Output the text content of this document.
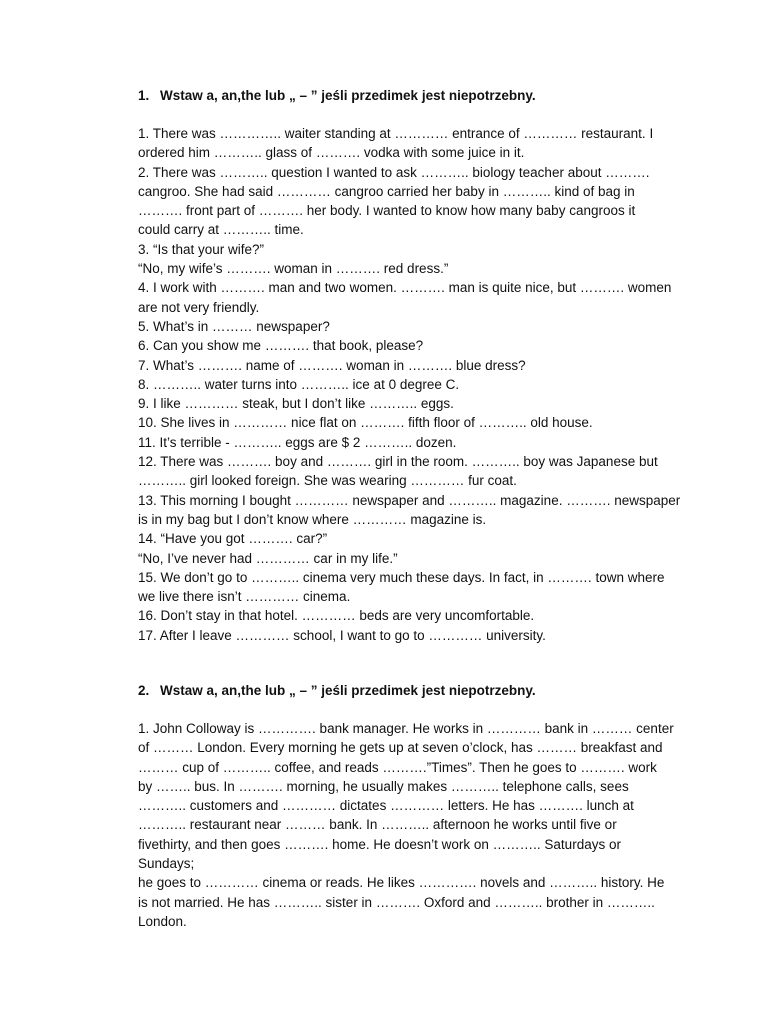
1. Wstaw a, an,the lub „ – ” jeśli przedimek jest niepotrzebny.

1. There was ………….. waiter standing at ………… entrance of ………… restaurant. I

ordered him ……….. glass of ………. vodka with some juice in it.

2. There was ……….. question I wanted to ask ……….. biology teacher about ……….

cangroo. She had said ………… cangroo carried her baby in ……….. kind of bag in

………. front part of ………. her body. I wanted to know how many baby cangroos it

could carry at ……….. time.

3. “Is that your wife?”

“No, my wife’s ………. woman in ………. red dress.”

4. I work with ………. man and two women. ………. man is quite nice, but ………. women

are not very friendly.

5. What’s in ……… newspaper?

6. Can you show me ………. that book, please?

7. What’s ………. name of ………. woman in ………. blue dress?

8. ……….. water turns into ……….. ice at 0 degree C.

9. I like ………… steak, but I don’t like ……….. eggs.

10. She lives in ………… nice flat on ………. fifth floor of ……….. old house.

11. It’s terrible - ……….. eggs are $ 2 ……….. dozen.

12. There was ………. boy and ………. girl in the room. ……….. boy was Japanese but

……….. girl looked foreign. She was wearing ………… fur coat.

13. This morning I bought ………… newspaper and ……….. magazine. ………. newspaper

is in my bag but I don’t know where ………… magazine is.

14. “Have you got ………. car?”

“No, I’ve never had ………… car in my life.”

15. We don’t go to ……….. cinema very much these days. In fact, in ………. town where

we live there isn’t ………… cinema.

16. Don’t stay in that hotel. ………… beds are very uncomfortable.

17. After I leave ………… school, I want to go to ………… university.

2. Wstaw a, an,the lub „ – ” jeśli przedimek jest niepotrzebny.

1. John Colloway is …………. bank manager. He works in ………… bank in ……… center

of ……… London. Every morning he gets up at seven o’clock, has ……… breakfast and

……… cup of ……….. coffee, and reads ……….”Times”. Then he goes to ………. work

by …….. bus. In ………. morning, he usually makes ……….. telephone calls, sees

……….. customers and ………… dictates ………… letters. He has ………. lunch at

……….. restaurant near ……… bank. In ……….. afternoon he works until five or

fivethirty, and then goes ………. home. He doesn’t work on ……….. Saturdays or

Sundays;

he goes to ………… cinema or reads. He likes …………. novels and ……….. history. He

is not married. He has ……….. sister in ………. Oxford and ……….. brother in ………..

London.
